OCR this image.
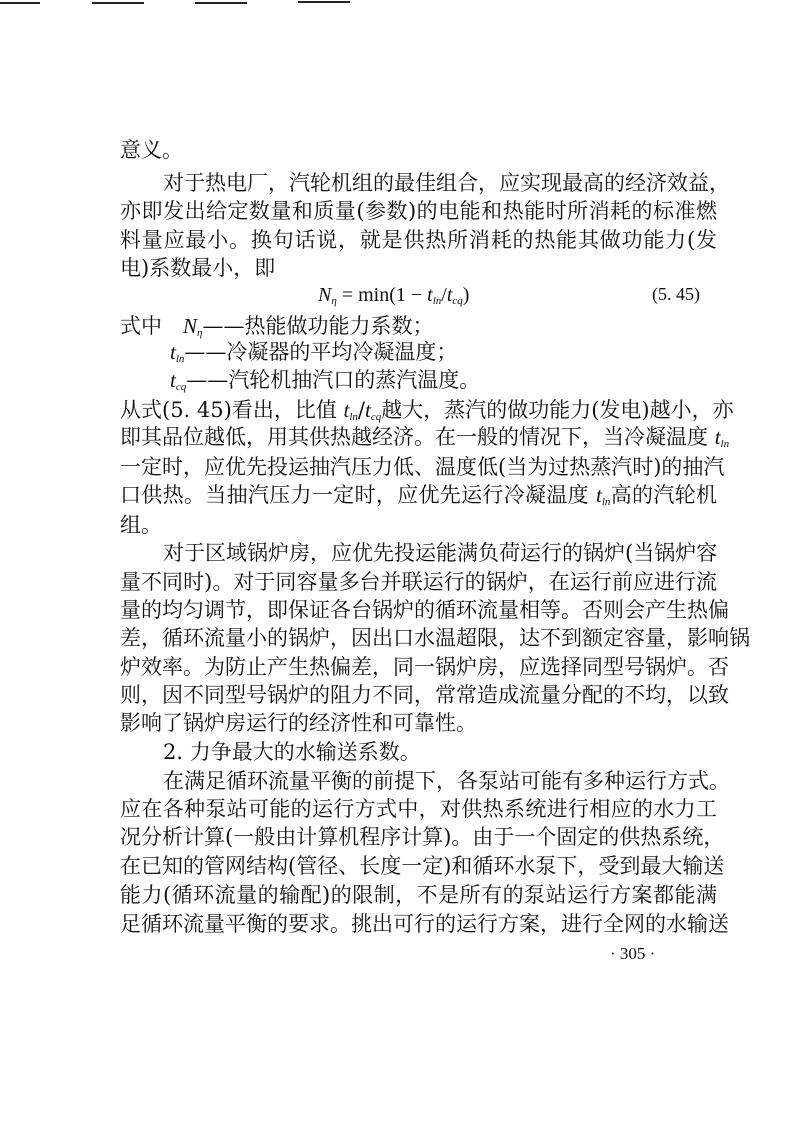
意义。
对于热电厂，汽轮机组的最佳组合，应实现最高的经济效益，
亦即发出给定数量和质量(参数)的电能和热能时所消耗的标准燃
料量应最小。换句话说，就是供热所消耗的热能其做功能力(发
电)系数最小，即
式中　$N_\eta——$热能做功能力系数；
$t_{ln}——$冷凝器的平均冷凝温度；
$t_{cq}——$汽轮机抽汽口的蒸汽温度。
从式(5. 45)看出，比值 $t_{ln}/t_{cq}$越大，蒸汽的做功能力(发电)越小，亦
即其品位越低，用其供热越经济。在一般的情况下，当冷凝温度 $t_{ln}$
一定时，应优先投运抽汽压力低、温度低(当为过热蒸汽时)的抽汽
口供热。当抽汽压力一定时，应优先运行冷凝温度 $t_{ln}$高的汽轮机
组。
对于区域锅炉房，应优先投运能满负荷运行的锅炉(当锅炉容
量不同时)。对于同容量多台并联运行的锅炉，在运行前应进行流
量的均匀调节，即保证各台锅炉的循环流量相等。否则会产生热偏
差，循环流量小的锅炉，因出口水温超限，达不到额定容量，影响锅
炉效率。为防止产生热偏差，同一锅炉房，应选择同型号锅炉。否
则，因不同型号锅炉的阻力不同，常常造成流量分配的不均，以致
影响了锅炉房运行的经济性和可靠性。
2. 力争最大的水输送系数。
在满足循环流量平衡的前提下，各泵站可能有多种运行方式。
应在各种泵站可能的运行方式中，对供热系统进行相应的水力工
况分析计算(一般由计算机程序计算)。由于一个固定的供热系统，
在已知的管网结构(管径、长度一定)和循环水泵下，受到最大输送
能力(循环流量的输配)的限制，不是所有的泵站运行方案都能满
足循环流量平衡的要求。挑出可行的运行方案，进行全网的水输送
$N_\eta = \min(1 - t_{ln}/t_{cq})$	(5. 45)
· 305 ·
